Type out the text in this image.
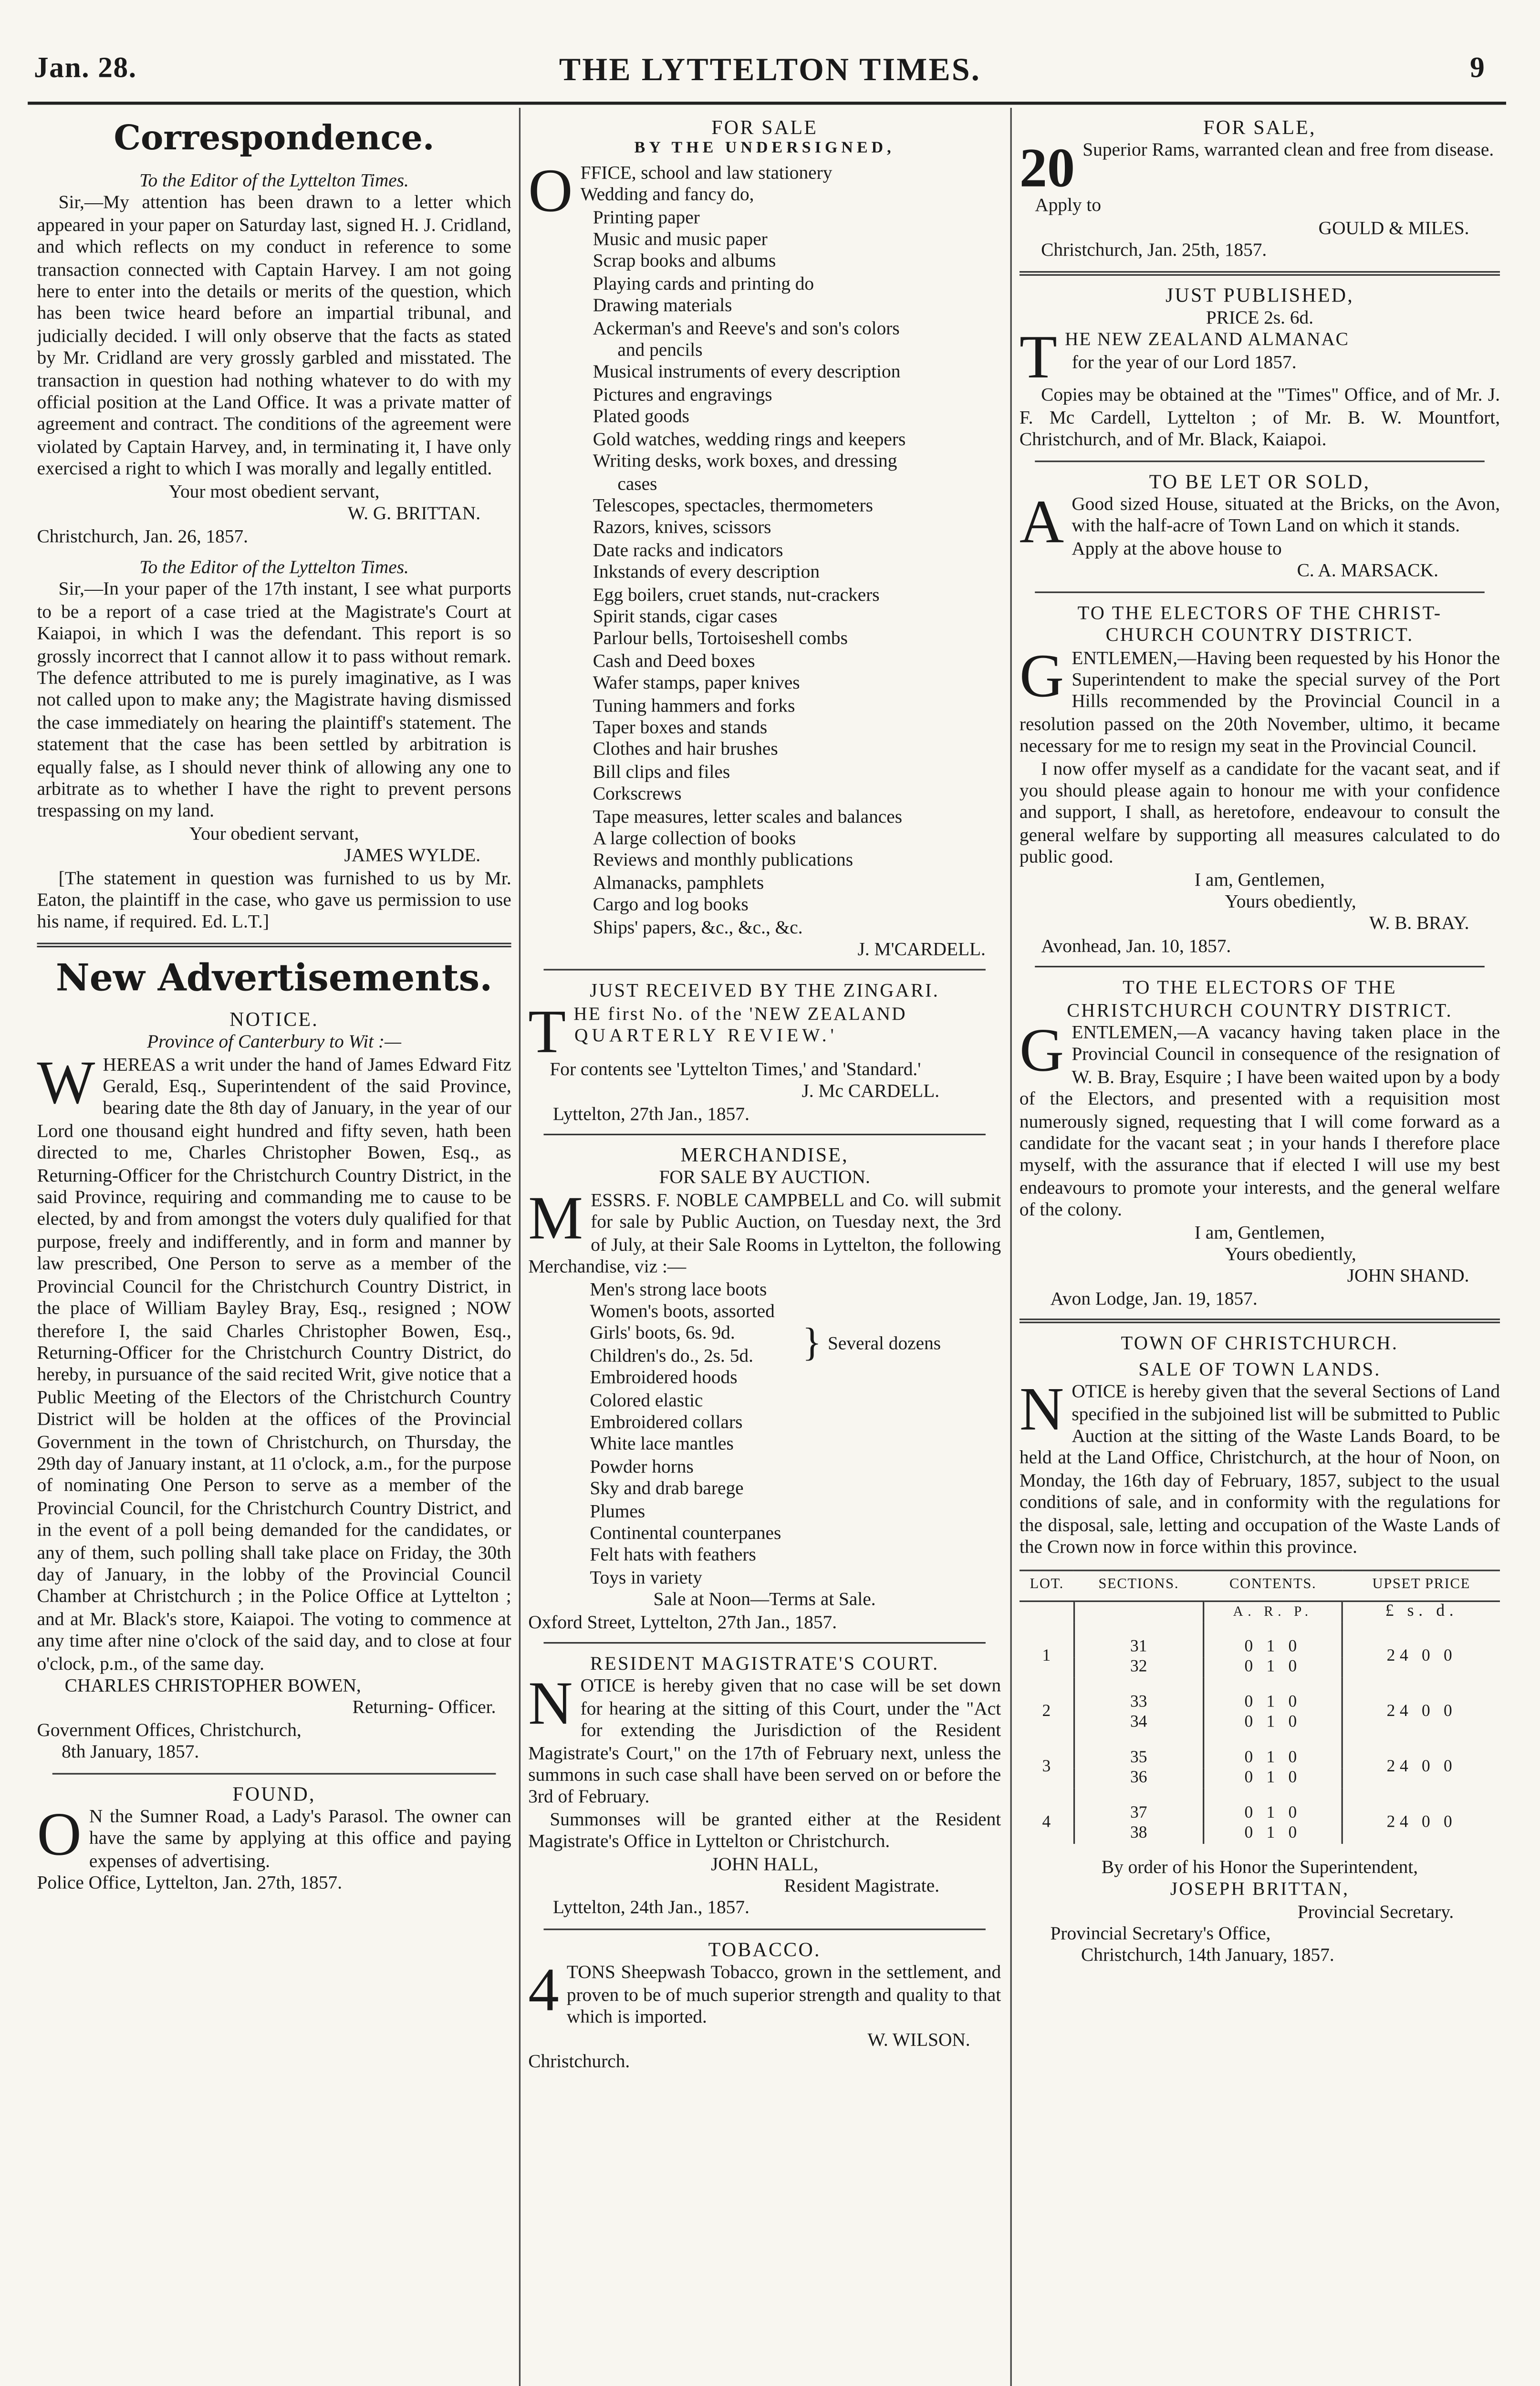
THE LYTTELTON TIMES.
Jan. 28.	9
Correspondence.

To the Editor of the Lyttelton Times.

Sir,—My attention has been drawn to a letter which appeared in your paper on Saturday last, signed H. J. Cridland, and which reflects on my conduct in reference to some transaction connected with Captain Harvey. I am not going here to enter into the details or merits of the question, which has been twice heard before an impartial tribunal, and judicially decided. I will only observe that the facts as stated by Mr. Cridland are very grossly garbled and misstated. The transaction in question had nothing whatever to do with my official position at the Land Office. It was a private matter of agreement and contract. The conditions of the agreement were violated by Captain Harvey, and, in terminating it, I have only exercised a right to which I was morally and legally entitled.

Your most obedient servant,

W. G. BRITTAN.

Christchurch, Jan. 26, 1857.

To the Editor of the Lyttelton Times.

Sir,—In your paper of the 17th instant, I see what purports to be a report of a case tried at the Magistrate's Court at Kaiapoi, in which I was the defendant. This report is so grossly incorrect that I cannot allow it to pass without remark. The defence attributed to me is purely imaginative, as I was not called upon to make any; the Magistrate having dismissed the case immediately on hearing the plaintiff's statement. The statement that the case has been settled by arbitration is equally false, as I should never think of allowing any one to arbitrate as to whether I have the right to prevent persons trespassing on my land.

Your obedient servant,

JAMES WYLDE.

[The statement in question was furnished to us by Mr. Eaton, the plaintiff in the case, who gave us permission to use his name, if required. Ed. L.T.]

New Advertisements.
NOTICE.

Province of Canterbury to Wit :—

W HEREAS a writ under the hand of James Edward Fitz Gerald, Esq., Superintendent of the said Province, bearing date the 8th day of January, in the year of our Lord one thousand eight hundred and fifty seven, hath been directed to me, Charles Christopher Bowen, Esq., as Returning-Officer for the Christchurch Country District, in the said Province, requiring and commanding me to cause to be elected, by and from amongst the voters duly qualified for that purpose, freely and indifferently, and in form and manner by law prescribed, One Person to serve as a member of the Provincial Council for the Christchurch Country District, in the place of William Bayley Bray, Esq., resigned ; NOW therefore I, the said Charles Christopher Bowen, Esq., Returning-Officer for the Christchurch Country District, do hereby, in pursuance of the said recited Writ, give notice that a Public Meeting of the Electors of the Christchurch Country District will be holden at the offices of the Provincial Government in the town of Christchurch, on Thursday, the 29th day of January instant, at 11 o'clock, a.m., for the purpose of nominating One Person to serve as a member of the Provincial Council, for the Christchurch Country District, and in the event of a poll being demanded for the candidates, or any of them, such polling shall take place on Friday, the 30th day of January, in the lobby of the Provincial Council Chamber at Christchurch ; in the Police Office at Lyttelton ; and at Mr. Black's store, Kaiapoi. The voting to commence at any time after nine o'clock of the said day, and to close at four o'clock, p.m., of the same day.

CHARLES CHRISTOPHER BOWEN,

Returning- Officer.

Government Offices, Christchurch,

8th January, 1857.

FOUND,

O N the Sumner Road, a Lady's Parasol. The owner can have the same by applying at this office and paying expenses of advertising.

Police Office, Lyttelton, Jan. 27th, 1857.

FOR SALE

BY THE UNDERSIGNED,

O FFICE, school and law stationery

Wedding and fancy do,

Printing paper

Music and music paper

Scrap books and albums

Playing cards and printing do

Drawing materials

Ackerman's and Reeve's and son's colors

and pencils

Musical instruments of every description

Pictures and engravings

Plated goods

Gold watches, wedding rings and keepers

Writing desks, work boxes, and dressing

cases

Telescopes, spectacles, thermometers

Razors, knives, scissors

Date racks and indicators

Inkstands of every description

Egg boilers, cruet stands, nut-crackers

Spirit stands, cigar cases

Parlour bells, Tortoiseshell combs

Cash and Deed boxes

Wafer stamps, paper knives

Tuning hammers and forks

Taper boxes and stands

Clothes and hair brushes

Bill clips and files

Corkscrews

Tape measures, letter scales and balances

A large collection of books

Reviews and monthly publications

Almanacks, pamphlets

Cargo and log books

Ships' papers, &c., &c., &c.

J. M'CARDELL.

JUST RECEIVED BY THE ZINGARI.

T HE first No. of the 'NEW ZEALAND

QUARTERLY REVIEW.'

For contents see 'Lyttelton Times,' and 'Standard.'

J. Mc CARDELL.

Lyttelton, 27th Jan., 1857.

MERCHANDISE,

FOR SALE BY AUCTION.

M ESSRS. F. NOBLE CAMPBELL and Co. will submit for sale by Public Auction, on Tuesday next, the 3rd of July, at their Sale Rooms in Lyttelton, the following Merchandise, viz :—

Men's strong lace boots

Women's boots, assorted

Girls' boots, 6s. 9d.

Children's do., 2s. 5d.	} Several dozens

Embroidered hoods

Colored elastic

Embroidered collars

White lace mantles

Powder horns

Sky and drab barege

Plumes

Continental counterpanes

Felt hats with feathers

Toys in variety

Sale at Noon—Terms at Sale.

Oxford Street, Lyttelton, 27th Jan., 1857.

RESIDENT MAGISTRATE'S COURT.

N OTICE is hereby given that no case will be set down for hearing at the sitting of this Court, under the "Act for extending the Jurisdiction of the Resident Magistrate's Court," on the 17th of February next, unless the summons in such case shall have been served on or before the 3rd of February.

Summonses will be granted either at the Resident Magistrate's Office in Lyttelton or Christchurch.

JOHN HALL,

Resident Magistrate.

Lyttelton, 24th Jan., 1857.

TOBACCO.

4 TONS Sheepwash Tobacco, grown in the settlement, and proven to be of much superior strength and quality to that which is imported.

W. WILSON.

Christchurch.

FOR SALE,

20 Superior Rams, warranted clean and free from disease.

Apply to

GOULD & MILES.

Christchurch, Jan. 25th, 1857.

JUST PUBLISHED,

PRICE 2s. 6d.

T HE NEW ZEALAND ALMANAC

for the year of our Lord 1857.

Copies may be obtained at the "Times" Office, and of Mr. J. F. Mc Cardell, Lyttelton ; of Mr. B. W. Mountfort, Christchurch, and of Mr. Black, Kaiapoi.

TO BE LET OR SOLD,

A Good sized House, situated at the Bricks, on the Avon, with the half-acre of Town Land on which it stands.

Apply at the above house to

C. A. MARSACK.

TO THE ELECTORS OF THE CHRIST-
CHURCH COUNTRY DISTRICT.

G ENTLEMEN,—Having been requested by his Honor the Superintendent to make the special survey of the Port Hills recommended by the Provincial Council in a resolution passed on the 20th November, ultimo, it became necessary for me to resign my seat in the Provincial Council.

I now offer myself as a candidate for the vacant seat, and if you should please again to honour me with your confidence and support, I shall, as heretofore, endeavour to consult the general welfare by supporting all measures calculated to do public good.

I am, Gentlemen,

Yours obediently,

W. B. BRAY.

Avonhead, Jan. 10, 1857.

TO THE ELECTORS OF THE
CHRISTCHURCH COUNTRY DISTRICT.

G ENTLEMEN,—A vacancy having taken place in the Provincial Council in consequence of the resignation of W. B. Bray, Esquire ; I have been waited upon by a body of the Electors, and presented with a requisition most numerously signed, requesting that I will come forward as a candidate for the vacant seat ; in your hands I therefore place myself, with the assurance that if elected I will use my best endeavours to promote your interests, and the general welfare of the colony.

I am, Gentlemen,

Yours obediently,

JOHN SHAND.

Avon Lodge, Jan. 19, 1857.

TOWN OF CHRISTCHURCH.
SALE OF TOWN LANDS.

N OTICE is hereby given that the several Sections of Land specified in the subjoined list will be submitted to Public Auction at the sitting of the Waste Lands Board, to be held at the Land Office, Christchurch, at the hour of Noon, on Monday, the 16th day of February, 1857, subject to the usual conditions of sale, and in conformity with the regulations for the disposal, sale, letting and occupation of the Waste Lands of the Crown now in force within this province.

LOT.	SECTIONS.	CONTENTS.	UPSET PRICE
		A. R. P.	£ s. d.
1	31	0 1 0	24 0 0
	32	0 1 0	
2	33	0 1 0	24 0 0
	34	0 1 0	
3	35	0 1 0	24 0 0
	36	0 1 0	
4	37	0 1 0	24 0 0
	38	0 1 0	

By order of his Honor the Superintendent,

JOSEPH BRITTAN,

Provincial Secretary.

Provincial Secretary's Office,

Christchurch, 14th January, 1857.
